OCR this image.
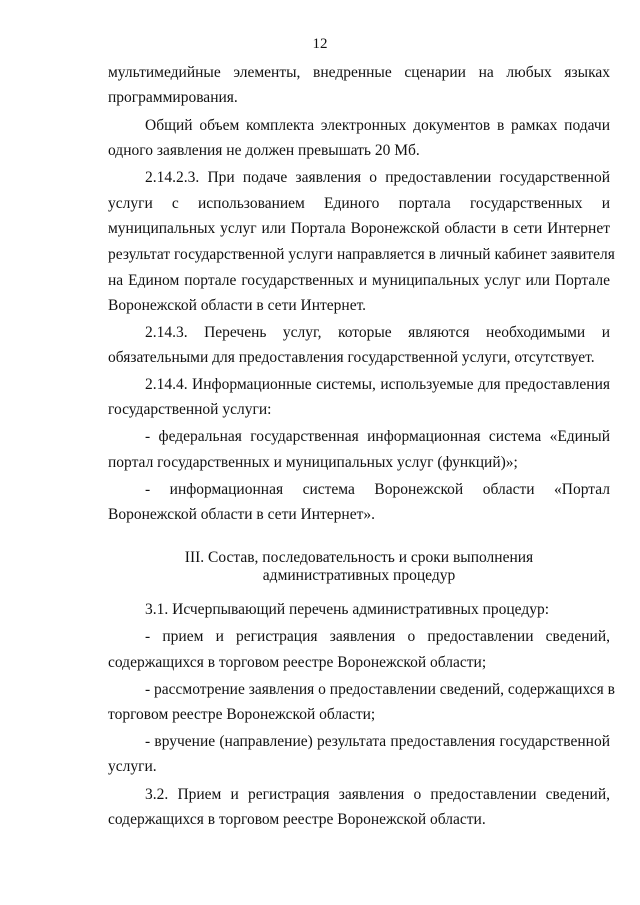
12
мультимедийные элементы, внедренные сценарии на любых языках
программирования.
Общий объем комплекта электронных документов в рамках подачи
одного заявления не должен превышать 20 Мб.
2.14.2.3. При подаче заявления о предоставлении государственной
услуги с использованием Единого портала государственных и
муниципальных услуг или Портала Воронежской области в сети Интернет
результат государственной услуги направляется в личный кабинет заявителя
на Едином портале государственных и муниципальных услуг или Портале
Воронежской области в сети Интернет.
2.14.3. Перечень услуг, которые являются необходимыми и
обязательными для предоставления государственной услуги, отсутствует.
2.14.4. Информационные системы, используемые для предоставления
государственной услуги:
- федеральная государственная информационная система «Единый
портал государственных и муниципальных услуг (функций)»;
- информационная система Воронежской области «Портал
Воронежской области в сети Интернет».
III. Состав, последовательность и сроки выполнения
административных процедур
3.1. Исчерпывающий перечень административных процедур:
- прием и регистрация заявления о предоставлении сведений,
содержащихся в торговом реестре Воронежской области;
- рассмотрение заявления о предоставлении сведений, содержащихся в
торговом реестре Воронежской области;
- вручение (направление) результата предоставления государственной
услуги.
3.2. Прием и регистрация заявления о предоставлении сведений,
содержащихся в торговом реестре Воронежской области.
